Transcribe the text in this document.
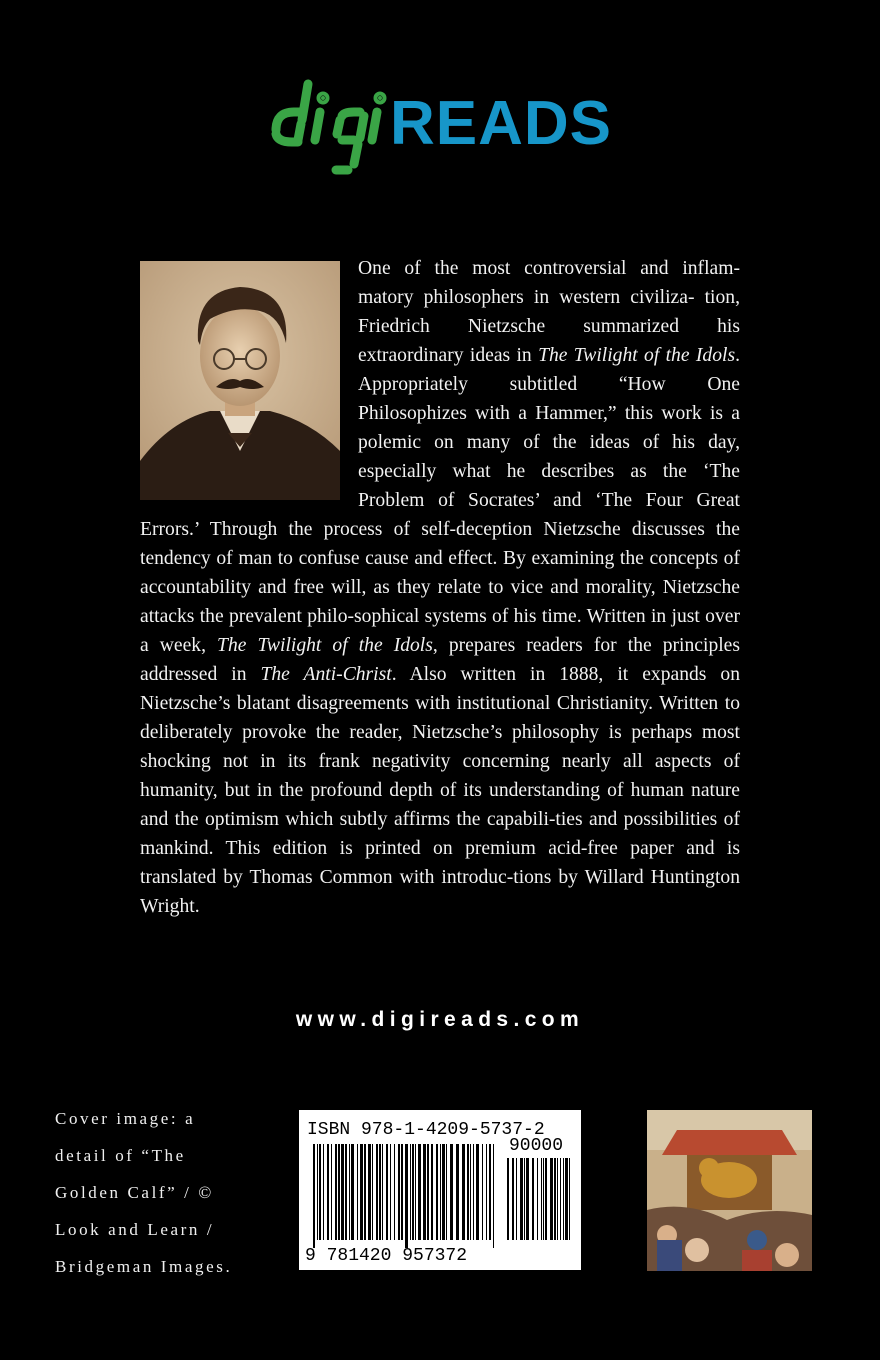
READS
One of the most controversial and inflam- matory philosophers in western civiliza- tion, Friedrich Nietzsche summarized his extraordinary ideas in The Twilight of the Idols. Appropriately subtitled “How One Philosophizes with a Hammer,” this work is a polemic on many of the ideas of his day, especially what he describes as the ‘The Problem of Socrates’ and ‘The Four Great Errors.’ Through the process of self-deception Nietzsche discusses the tendency of man to confuse cause and effect. By examining the concepts of accountability and free will, as they relate to vice and morality, Nietzsche attacks the prevalent philo-sophical systems of his time. Written in just over a week, The Twilight of the Idols, prepares readers for the principles addressed in The Anti-Christ. Also written in 1888, it expands on Nietzsche’s blatant disagreements with institutional Christianity. Written to deliberately provoke the reader, Nietzsche’s philosophy is perhaps most shocking not in its frank negativity concerning nearly all aspects of humanity, but in the profound depth of its understanding of human nature and the optimism which subtly affirms the capabili-ties and possibilities of mankind. This edition is printed on premium acid-free paper and is translated by Thomas Common with introduc-tions by Willard Huntington Wright.
www.digireads.com
Cover image: a
detail of “The
Golden Calf” / ©
Look and Learn /
Bridgeman Images.
ISBN 978-1-4209-5737-2
90000
9 781420 957372
